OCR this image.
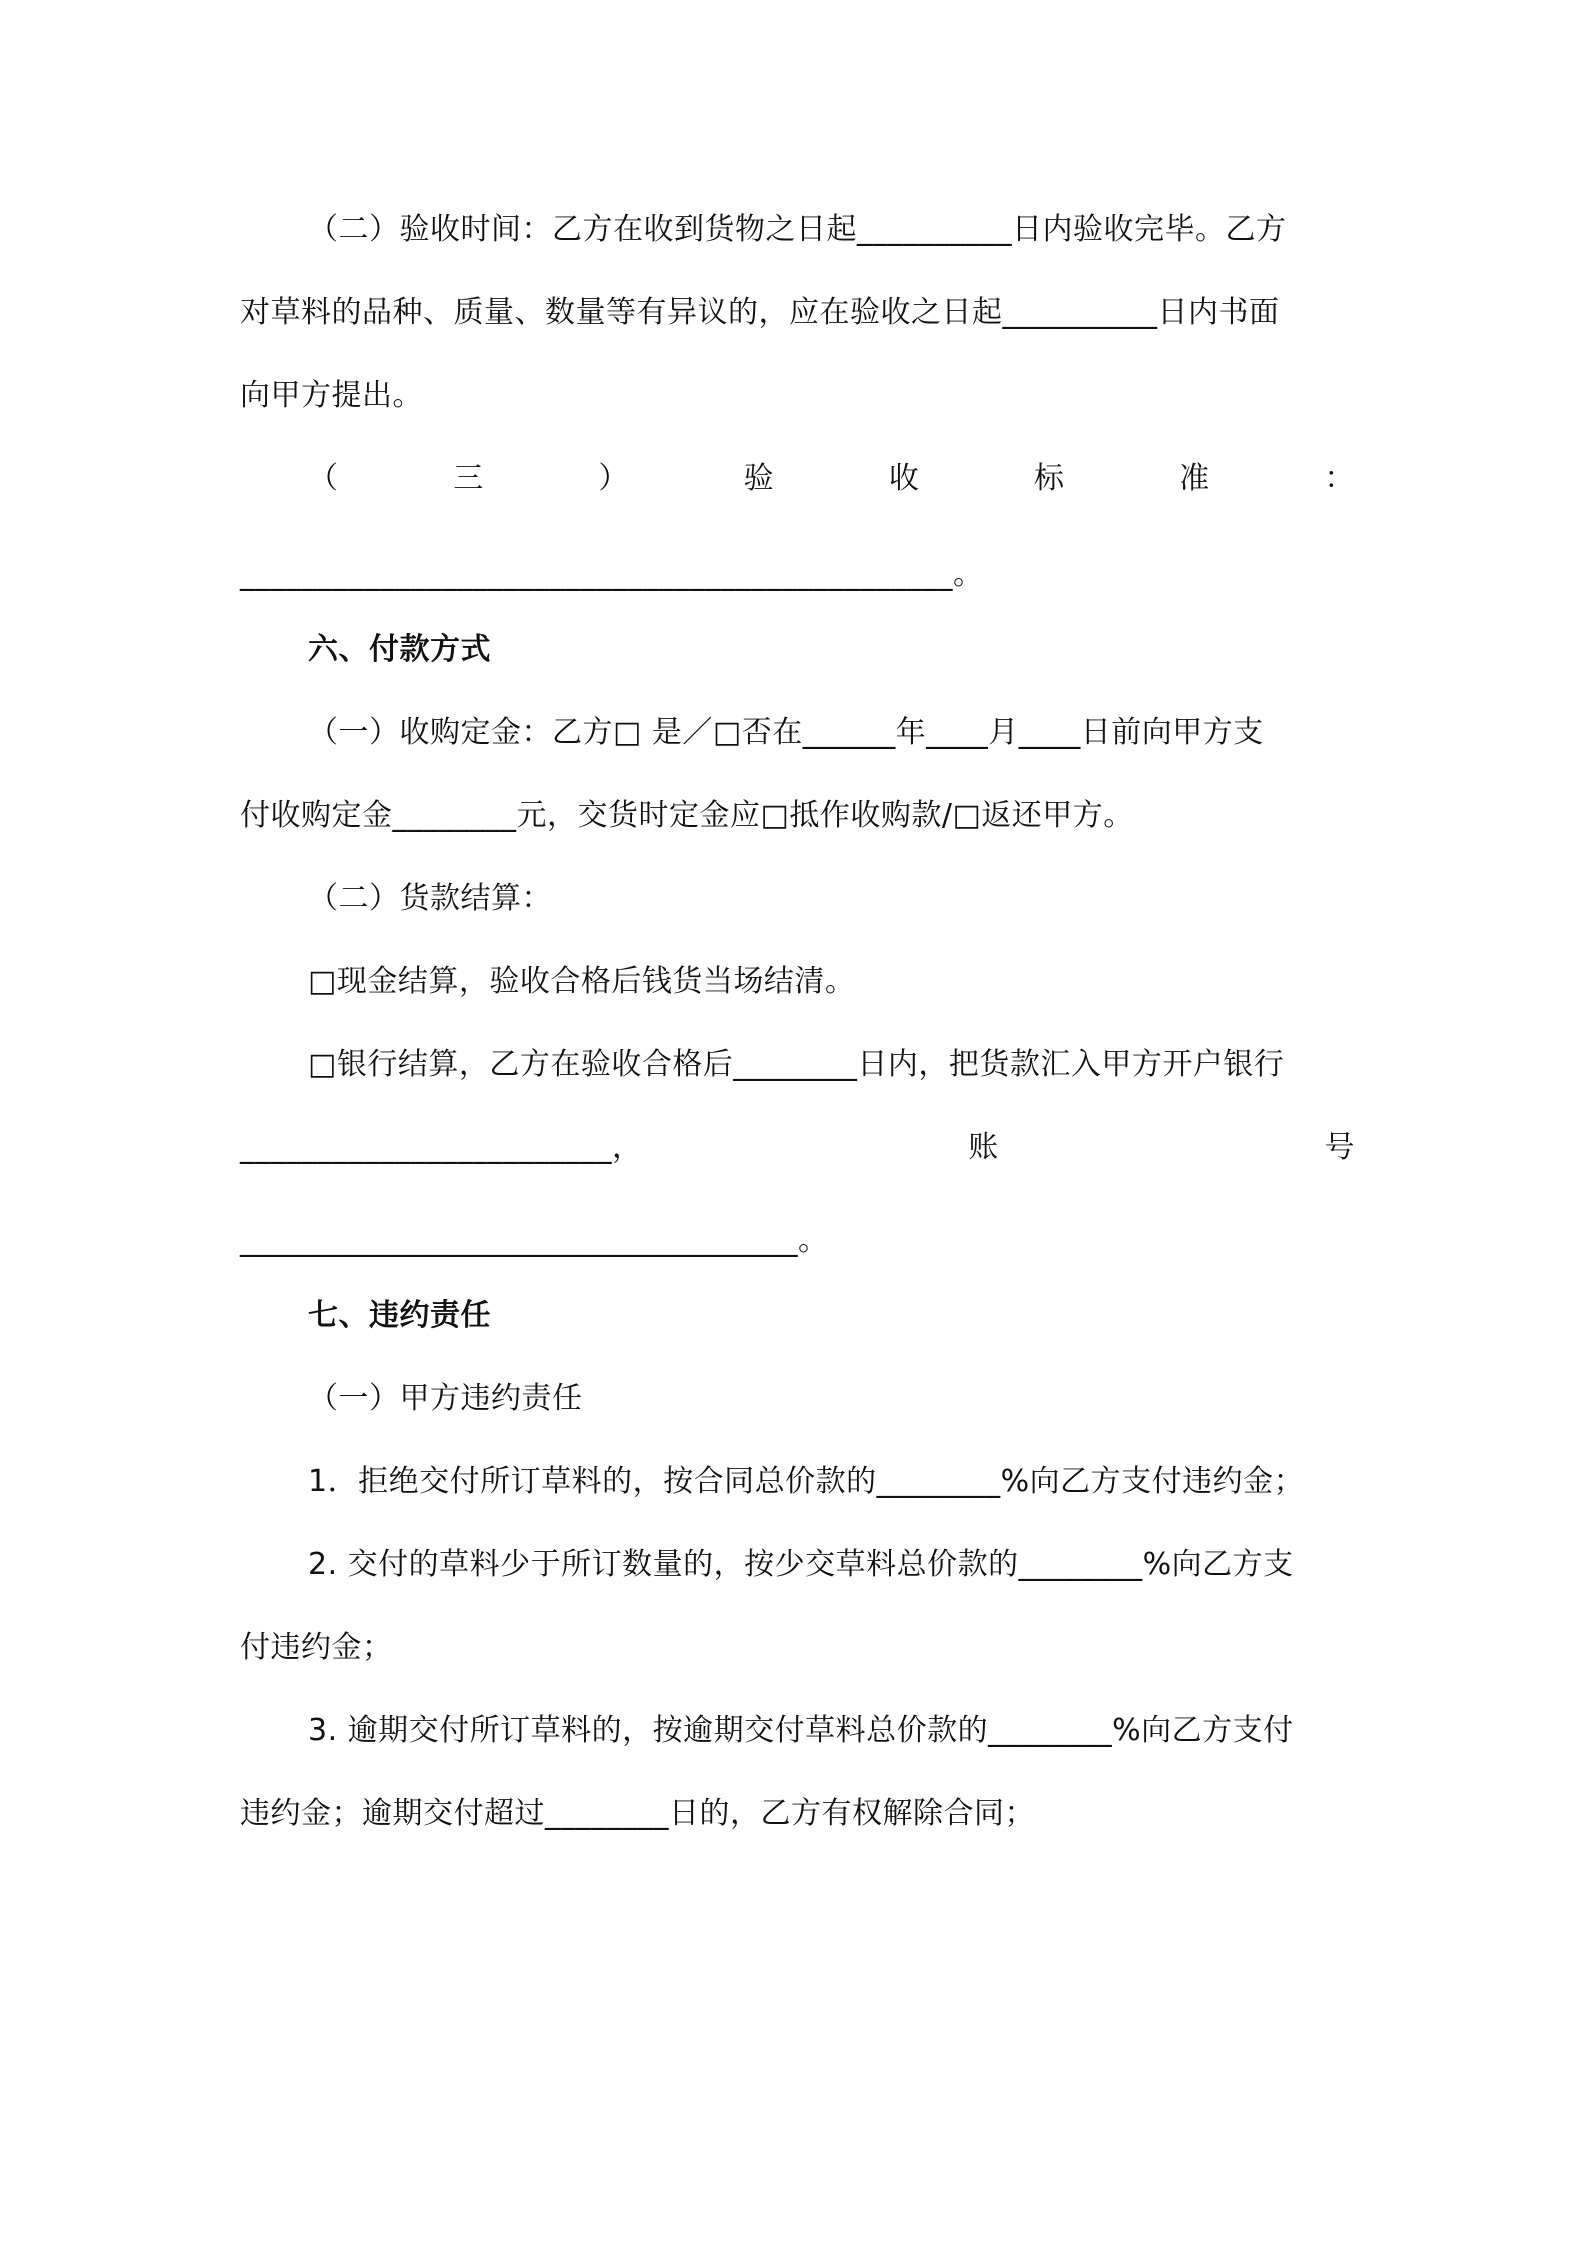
（二）验收时间：乙方在收到货物之日起__________日内验收完毕。乙方
对草料的品种、质量、数量等有异议的，应在验收之日起__________日内书面
向甲方提出。
（	三	）	验	收	标	准	：
______________________________________________。
六、付款方式
（一）收购定金：乙方□ 是／□否在______年____月____日前向甲方支
付收购定金________元，交货时定金应□抵作收购款/□返还甲方。
（二）货款结算：
□现金结算，验收合格后钱货当场结清。
□银行结算，乙方在验收合格后________日内，把货款汇入甲方开户银行
________________________，	账	号
____________________________________。
七、违约责任
（一）甲方违约责任
1．拒绝交付所订草料的，按合同总价款的________%向乙方支付违约金；
2. 交付的草料少于所订数量的，按少交草料总价款的________%向乙方支
付违约金；
3. 逾期交付所订草料的，按逾期交付草料总价款的________%向乙方支付
违约金；逾期交付超过________日的，乙方有权解除合同；
